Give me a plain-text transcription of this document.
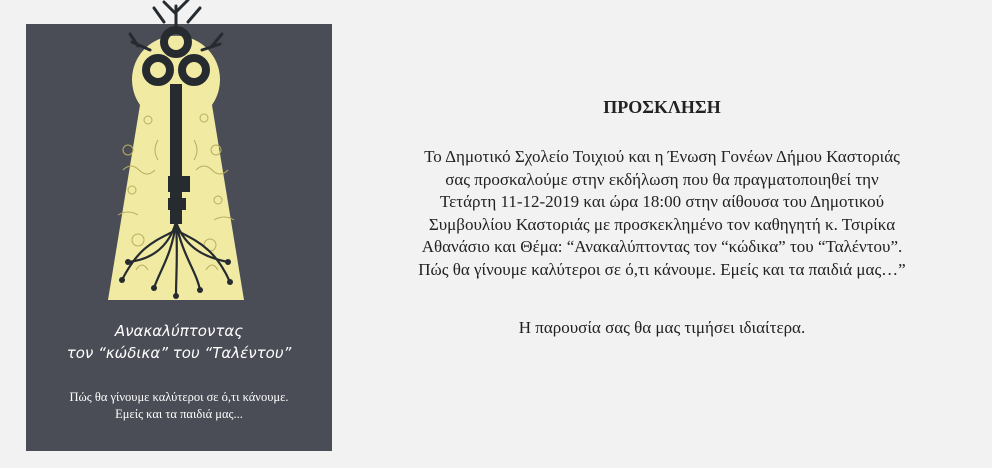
Ανακαλύπτοντας
τον “κώδικα” του “Ταλέντου”
Πώς θα γίνουμε καλύτεροι σε ό,τι κάνουμε.
Εμείς και τα παιδιά μας...
ΠΡΟΣΚΛΗΣΗ
Το Δημοτικό Σχολείο Τοιχιού και η Ένωση Γονέων Δήμου Καστοριάς
σας προσκαλούμε στην εκδήλωση που θα πραγματοποιηθεί την
Τετάρτη 11-12-2019 και ώρα 18:00 στην αίθουσα του Δημοτικού
Συμβουλίου Καστοριάς με προσκεκλημένο τον καθηγητή κ. Τσιρίκα
Αθανάσιο και Θέμα: “Ανακαλύπτοντας τον “κώδικα” του “Ταλέντου”.
Πώς θα γίνουμε καλύτεροι σε ό,τι κάνουμε. Εμείς και τα παιδιά μας…”
Η παρουσία σας θα μας τιμήσει ιδιαίτερα.
